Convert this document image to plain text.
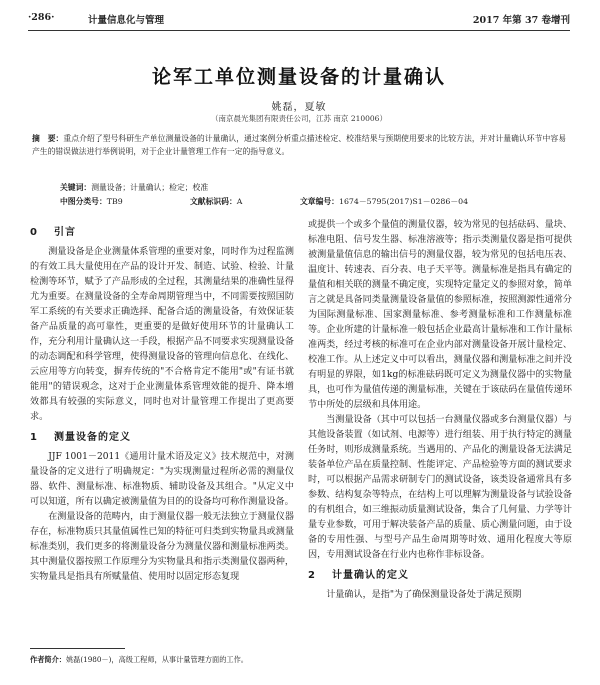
·286·	计量信息化与管理	2017 年第 37 卷增刊
论军工单位测量设备的计量确认
姚磊，夏敏
（南京晨光集团有限责任公司，江苏 南京 210006）
摘　要：重点介绍了型号科研生产单位测量设备的计量确认，通过案例分析重点描述检定、校准结果与预期使用要求的比较方法，并对计量确认环节中容易产生的错误做法进行举例说明，对于企业计量管理工作有一定的指导意义。
关键词：测量设备；计量确认；检定；校准
中图分类号：TB9	文献标识码：A	文章编号：1674－5795(2017)S1－0286－04
0 引言

测量设备是企业测量体系管理的重要对象，同时作为过程监测的有效工具大量使用在产品的设计开发、制造、试验、检验、计量检测等环节，赋予了产品形成的全过程，其测量结果的准确性显得尤为重要。在测量设备的全寿命周期管理当中，不同需要按照国防军工系统的有关要求正确选择、配备合适的测量设备，有效保证装备产品质量的高可靠性，更重要的是做好使用环节的计量确认工作，充分利用计量确认这一手段，根据产品不同要求实现测量设备的动态调配和科学管理，使得测量设备的管理向信息化、在线化、云应用等方向转变，摒弃传统的"不合格肯定不能用"或"有证书就能用"的错误观念，这对于企业测量体系管理效能的提升、降本增效都具有较强的实际意义，同时也对计量管理工作提出了更高要求。

1 测量设备的定义

JJF 1001－2011《通用计量术语及定义》技术规范中，对测量设备的定义进行了明确规定："为实现测量过程所必需的测量仪器、软件、测量标准、标准物质、辅助设备及其组合。"从定义中可以知道，所有以确定被测量值为目的的设备均可称作测量设备。

在测量设备的范畴内，由于测量仪器一般无法独立于测量仪器存在，标准物质只其量值属性已知的特征可归类到实物量具或测量标准类别，我们更多的将测量设备分为测量仪器和测量标准两类。其中测量仪器按照工作原理分为实物量具和指示类测量仪器两种，实物量具是指具有所赋量值、使用时以固定形态复现

或提供一个或多个量值的测量仪器，较为常见的包括砝码、量块、标准电阻、信号发生器、标准溶液等；指示类测量仪器是指可提供被测量量值信息的输出信号的测量仪器，较为常见的包括电压表、温度计、转速表、百分表、电子天平等。测量标准是指具有确定的量值和相关联的测量不确定度，实现特定量定义的参照对象，简单言之就是具备同类量测量设备量值的参照标准，按照测源性通常分为国际测量标准、国家测量标准、参考测量标准和工作测量标准等。企业所建的计量标准一般包括企业最高计量标准和工作计量标准两类，经过考核的标准可在企业内部对测量设备开展计量检定、校准工作。从上述定义中可以看出，测量仪器和测量标准之间并没有明显的界限，如1kg的标准砝码既可定义为测量仪器中的实物量具，也可作为量值传递的测量标准，关键在于该砝码在量值传递环节中所处的层级和具体用途。

当测量设备（其中可以包括一台测量仪器或多台测量仪器）与其他设备装置（如试剂、电源等）进行组装、用于执行特定的测量任务时，则形成测量系统。当遇用的、产品化的测量设备无法满足装备单位产品在质量控制、性能评定、产品检验等方面的测试要求时，可以根据产品需求研制专门的测试设备，该类设备通常具有多参数、结构复杂等特点，在结构上可以理解为测量设备与试验设备的有机组合，如三维振动质量测试设备，集合了几何量、力学等计量专业参数，可用于解决装备产品的质量、质心测量问题，由于设备的专用性强、与型号产品生命周期等时效、通用化程度大等原因，专用测试设备在行业内也称作非标设备。

2 计量确认的定义

计量确认，是指"为了确保测量设备处于满足预期

作者简介：姚磊(1980－)，高级工程师，从事计量管理方面的工作。
